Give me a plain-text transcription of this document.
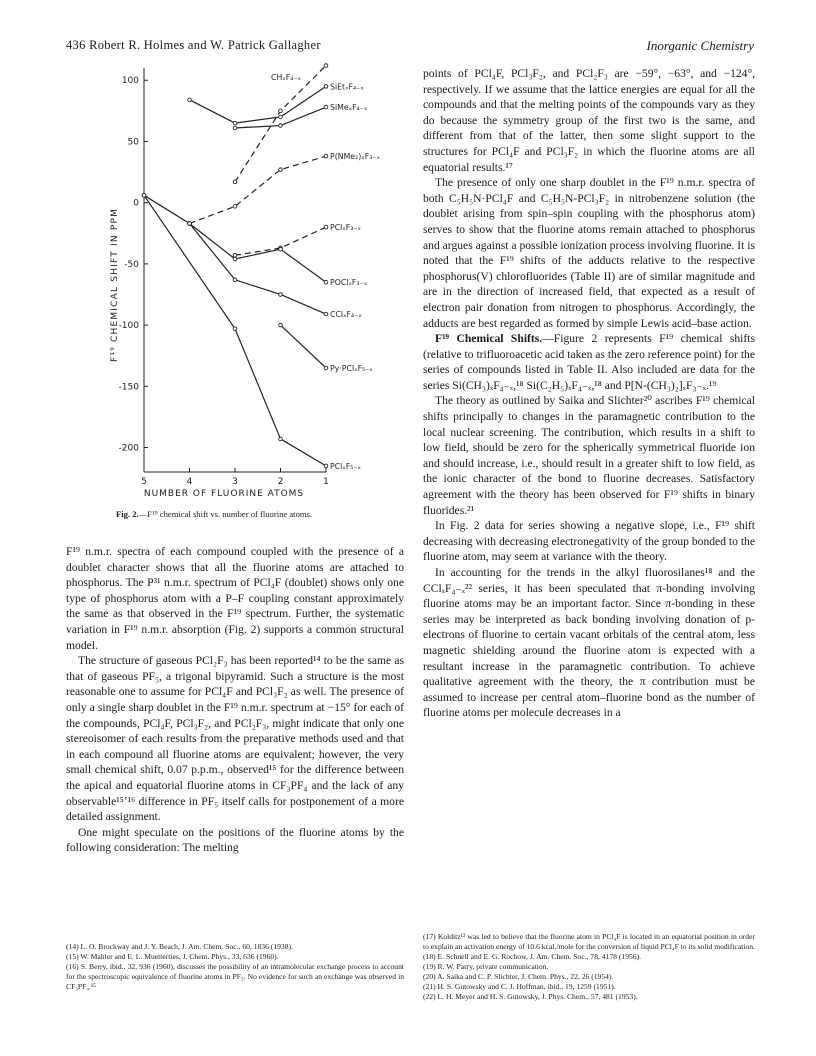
436 Robert R. Holmes and W. Patrick Gallagher	Inorganic Chemistry
5	4	3	2	1
100
50
0
-50
-100
-150
-200
CHₓF₄₋ₓ
SiEtₓF₄₋ₓ
SiMeₓF₄₋ₓ
P(NMe₂)ₓF₃₋ₓ
PClₓF₃₋ₓ
POClₓF₃₋ₓ
CClₓF₄₋ₓ
Py·PClₓF₅₋ₓ
PClₓF₅₋ₓ
NUMBER OF FLUORINE ATOMS
F¹⁹ CHEMICAL SHIFT IN PPM
Fig. 2.—F¹⁹ chemical shift vs. number of fluorine atoms.

F¹⁹ n.m.r. spectra of each compound coupled with the presence of a doublet character shows that all the fluorine atoms are attached to phosphorus. The P³¹ n.m.r. spectrum of PCl₄F (doublet) shows only one type of phosphorus atom with a P–F coupling constant approximately the same as that observed in the F¹⁹ spectrum. Further, the systematic variation in F¹⁹ n.m.r. absorption (Fig. 2) supports a common structural model.

The structure of gaseous PCl₂F₃ has been reported¹⁴ to be the same as that of gaseous PF₅, a trigonal bipyramid. Such a structure is the most reasonable one to assume for PCl₄F and PCl₃F₂ as well. The presence of only a single sharp doublet in the F¹⁹ n.m.r. spectrum at −15° for each of the compounds, PCl₄F, PCl₃F₂, and PCl₂F₃, might indicate that only one stereoisomer of each results from the preparative methods used and that in each compound all fluorine atoms are equivalent; however, the very small chemical shift, 0.07 p.p.m., observed¹⁵ for the difference between the apical and equatorial fluorine atoms in CF₃PF₄ and the lack of any observable¹⁵ʼ¹⁶ difference in PF₅ itself calls for postponement of a more detailed assignment.

One might speculate on the positions of the fluorine atoms by the following consideration: The melting

(14) L. O. Brockway and J. Y. Beach, J. Am. Chem. Soc., 60, 1836 (1938).

(15) W. Mahler and E. L. Muetterties, J. Chem. Phys., 33, 636 (1960).

(16) S. Berry, ibid., 32, 936 (1960), discusses the possibility of an intramolecular exchange process to account for the spectroscopic equivalence of fluorine atoms in PF₅. No evidence for such an exchange was observed in CF₃PF₄.¹⁵

points of PCl₄F, PCl₃F₂, and PCl₂F₃ are −59°, −63°, and −124°, respectively. If we assume that the lattice energies are equal for all the compounds and that the melting points of the compounds vary as they do because the symmetry group of the first two is the same, and different from that of the latter, then some slight support to the structures for PCl₄F and PCl₃F₂ in which the fluorine atoms are all equatorial results.¹⁷

The presence of only one sharp doublet in the F¹⁹ n.m.r. spectra of both C₅H₅N·PCl₄F and C₅H₅N-PCl₃F₂ in nitrobenzene solution (the doublet arising from spin–spin coupling with the phosphorus atom) serves to show that the fluorine atoms remain attached to phosphorus and argues against a possible ionization process involving fluorine. It is noted that the F¹⁹ shifts of the adducts relative to the respective phosphorus(V) chlorofluorides (Table II) are of similar magnitude and are in the direction of increased field, that expected as a result of electron pair donation from nitrogen to phosphorus. Accordingly, the adducts are best regarded as formed by simple Lewis acid–base action.

F¹⁹ Chemical Shifts.—Figure 2 represents F¹⁹ chemical shifts (relative to trifluoroacetic acid taken as the zero reference point) for the series of compounds listed in Table II. Also included are data for the series Si(CH₃)ₓF₄₋ₓ,¹⁸ Si(C₂H₅)ₓF₄₋ₓ,¹⁸ and P[N-(CH₃)₂]ₓF₃₋ₓ.¹⁹

The theory as outlined by Saika and Slichter²⁰ ascribes F¹⁹ chemical shifts principally to changes in the paramagnetic contribution to the local nuclear screening. The contribution, which results in a shift to low field, should be zero for the spherically symmetrical fluoride ion and should increase, i.e., should result in a greater shift to low field, as the ionic character of the bond to fluorine decreases. Satisfactory agreement with the theory has been observed for F¹⁹ shifts in binary fluorides.²¹

In Fig. 2 data for series showing a negative slope, i.e., F¹⁹ shift decreasing with decreasing electronegativity of the group bonded to the fluorine atom, may seem at variance with the theory.

In accounting for the trends in the alkyl fluorosilanes¹⁸ and the CClₓF₄₋ₓ²² series, it has been speculated that π-bonding involving fluorine atoms may be an important factor. Since π-bonding in these series may be interpreted as back bonding involving donation of p-electrons of fluorine to certain vacant orbitals of the central atom, less magnetic shielding around the fluorine atom is expected with a resultant increase in the paramagnetic contribution. To achieve qualitative agreement with the theory, the π contribution must be assumed to increase per central atom–fluorine bond as the number of fluorine atoms per molecule decreases in a

(17) Kolditz¹³ was led to believe that the fluorine atom in PCl₄F is located in an equatorial position in order to explain an activation energy of 10.6 kcal./mole for the conversion of liquid PCl₄F to its solid modification.

(18) E. Schnell and E. G. Rochow, J. Am. Chem. Soc., 78, 4178 (1956).

(19) R. W. Parry, private communication.

(20) A. Saika and C. P. Slichter, J. Chem. Phys., 22, 26 (1954).

(21) H. S. Gutowsky and C. J. Hoffman, ibid., 19, 1259 (1951).

(22) L. H. Meyer and H. S. Gutowsky, J. Phys. Chem., 57, 481 (1953).
